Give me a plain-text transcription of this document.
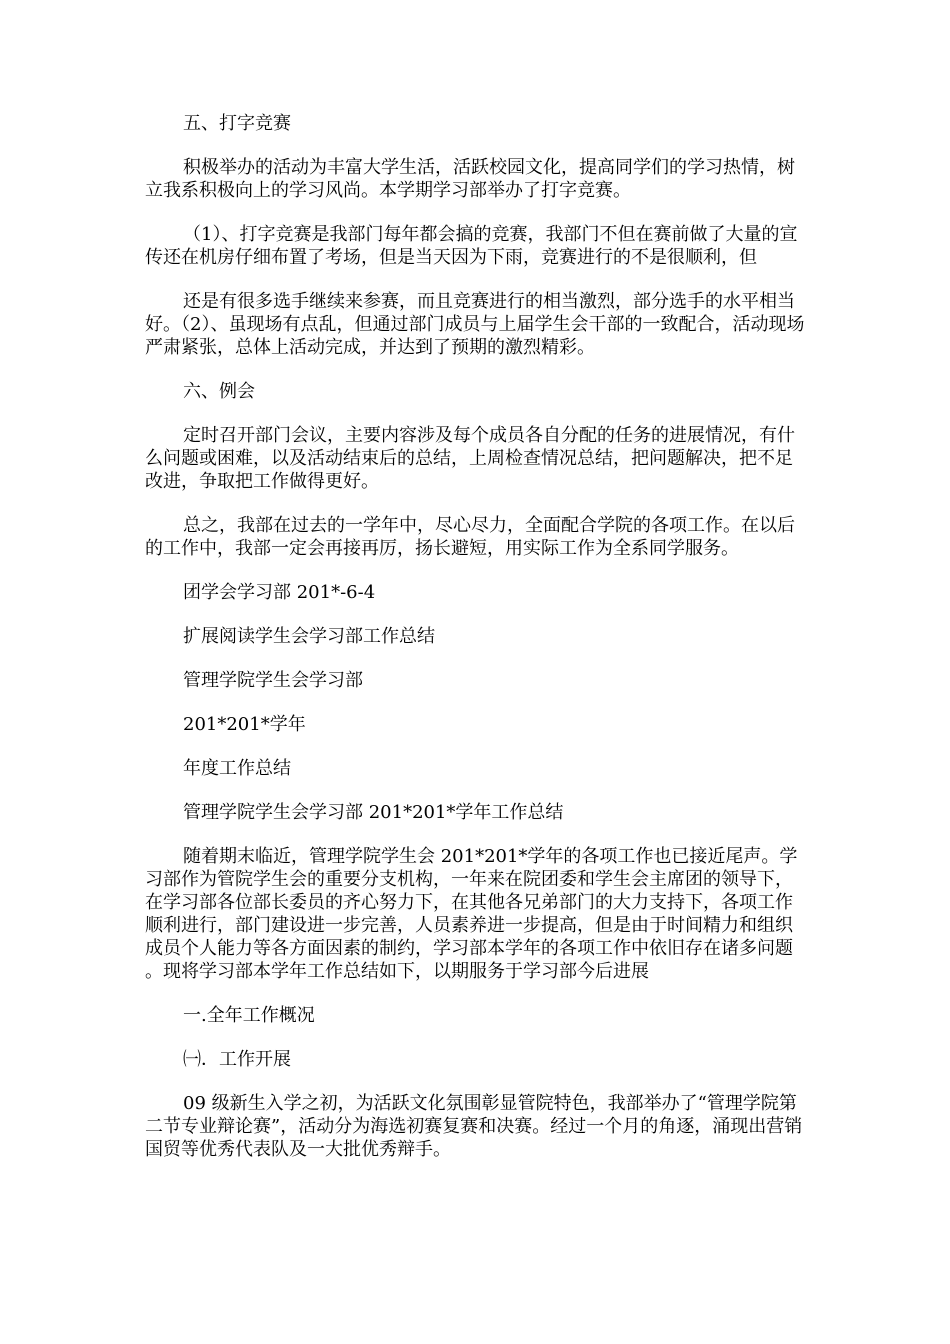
五、打字竞赛

积极举办的活动为丰富大学生活，活跃校园文化，提高同学们的学习热情，树立我系积极向上的学习风尚。本学期学习部举办了打字竞赛。

（1）、打字竞赛是我部门每年都会搞的竞赛，我部门不但在赛前做了大量的宣传还在机房仔细布置了考场，但是当天因为下雨，竞赛进行的不是很顺利，但

还是有很多选手继续来参赛，而且竞赛进行的相当激烈，部分选手的水平相当好。（2）、虽现场有点乱，但通过部门成员与上届学生会干部的一致配合，活动现场严肃紧张，总体上活动完成，并达到了预期的激烈精彩。

六、例会

定时召开部门会议，主要内容涉及每个成员各自分配的任务的进展情况，有什么问题或困难，以及活动结束后的总结，上周检查情况总结，把问题解决，把不足改进，争取把工作做得更好。

总之，我部在过去的一学年中，尽心尽力，全面配合学院的各项工作。在以后的工作中，我部一定会再接再厉，扬长避短，用实际工作为全系同学服务。

团学会学习部 201*-6-4

扩展阅读学生会学习部工作总结

管理学院学生会学习部

201*201*学年

年度工作总结

管理学院学生会学习部 201*201*学年工作总结

随着期末临近，管理学院学生会 201*201*学年的各项工作也已接近尾声。学习部作为管院学生会的重要分支机构，一年来在院团委和学生会主席团的领导下，在学习部各位部长委员的齐心努力下，在其他各兄弟部门的大力支持下，各项工作顺利进行，部门建设进一步完善，人员素养进一步提高，但是由于时间精力和组织成员个人能力等各方面因素的制约，学习部本学年的各项工作中依旧存在诸多问题。现将学习部本学年工作总结如下，以期服务于学习部今后进展

一.全年工作概况

㈠．工作开展

09 级新生入学之初，为活跃文化氛围彰显管院特色，我部举办了“管理学院第二节专业辩论赛”，活动分为海选初赛复赛和决赛。经过一个月的角逐，涌现出营销国贸等优秀代表队及一大批优秀辩手。
